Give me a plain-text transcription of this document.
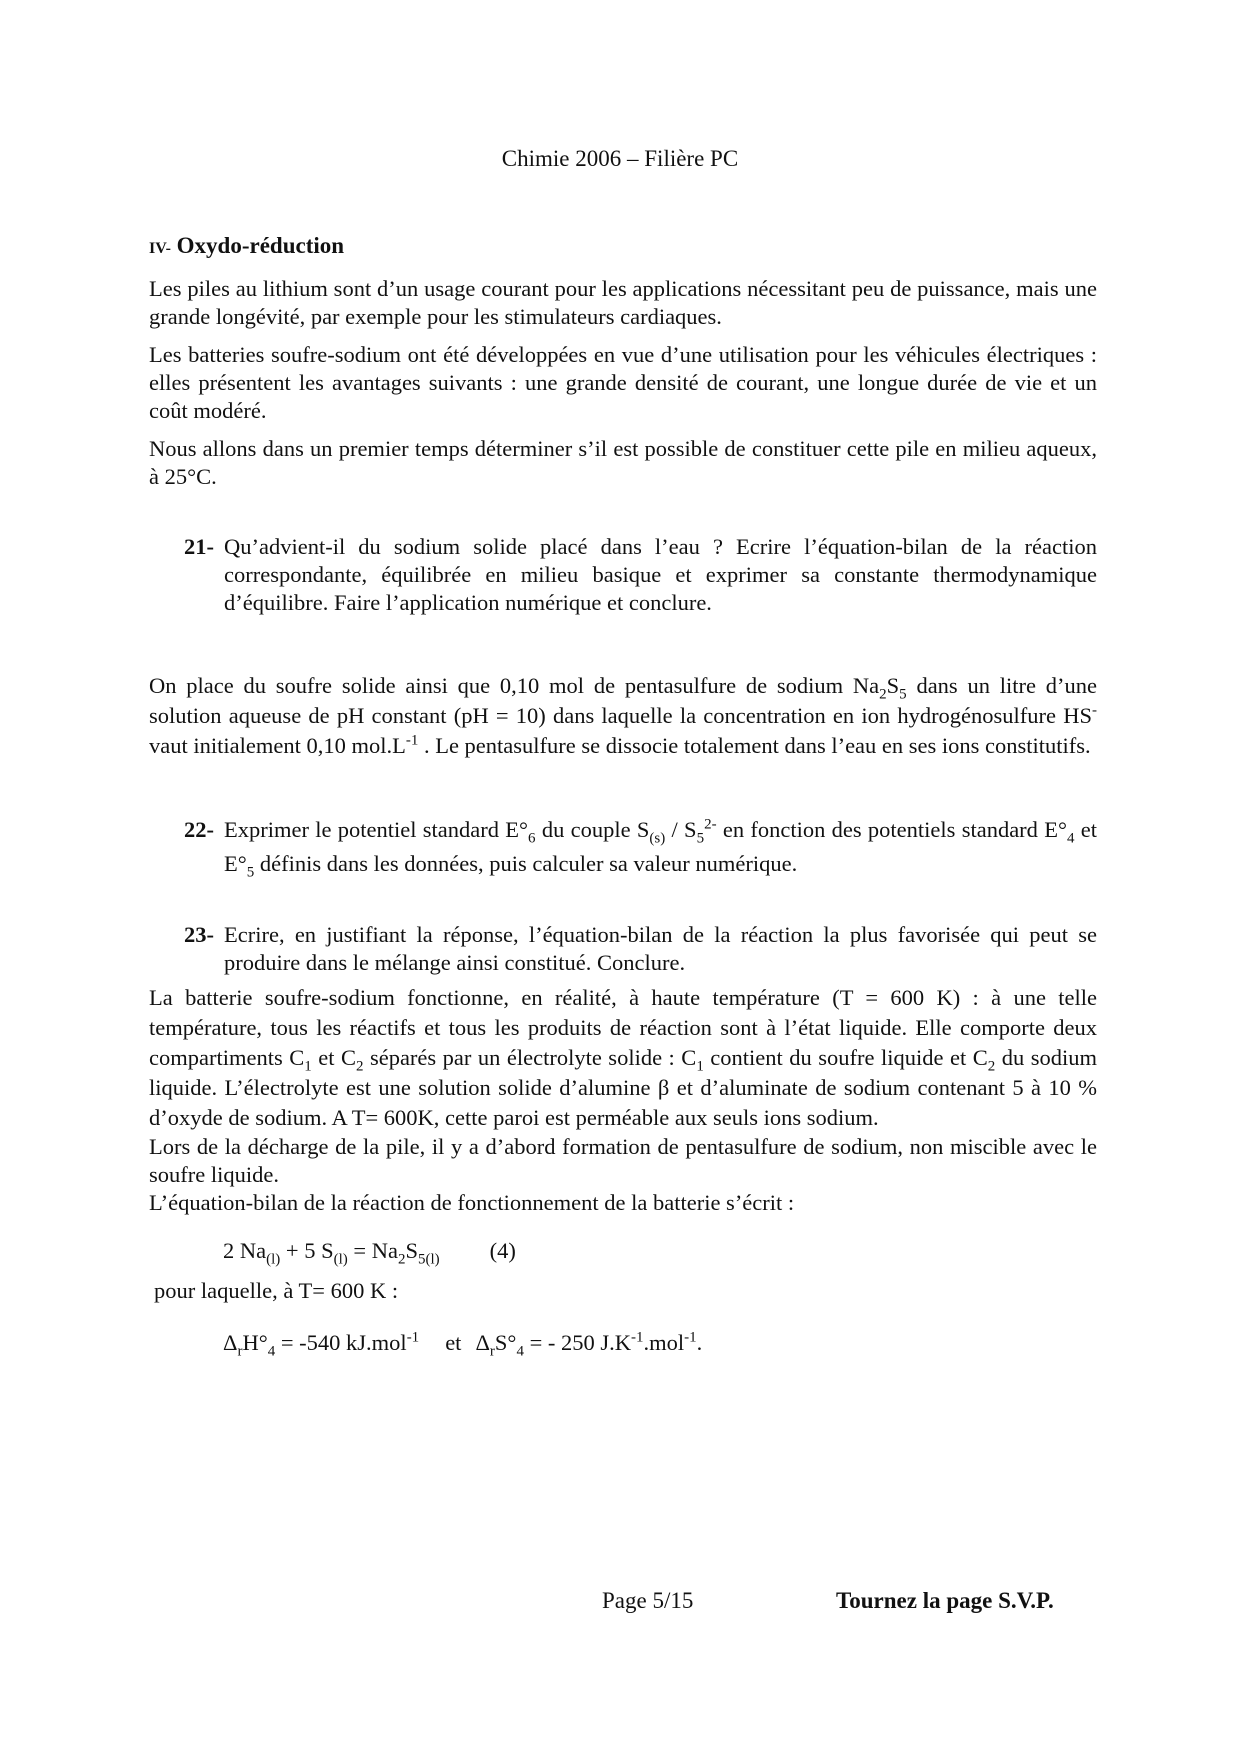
Chimie 2006 – Filière PC
IV- Oxydo-réduction

Les piles au lithium sont d’un usage courant pour les applications nécessitant peu de puissance, mais une grande longévité, par exemple pour les stimulateurs cardiaques.

Les batteries soufre-sodium ont été développées en vue d’une utilisation pour les véhicules électriques : elles présentent les avantages suivants : une grande densité de courant, une longue durée de vie et un coût modéré.

Nous allons dans un premier temps déterminer s’il est possible de constituer cette pile en milieu aqueux, à 25°C.

21- Qu’advient-il du sodium solide placé dans l’eau ? Ecrire l’équation-bilan de la réaction correspondante, équilibrée en milieu basique et exprimer sa constante thermodynamique d’équilibre. Faire l’application numérique et conclure.

On place du soufre solide ainsi que 0,10 mol de pentasulfure de sodium $Na_2S_5$ dans un litre d’une solution aqueuse de pH constant (pH = 10) dans laquelle la concentration en ion hydrogénosulfure HS- vaut initialement 0,10 $mol.L^{-1}$ . Le pentasulfure se dissocie totalement dans l’eau en ses ions constitutifs.

22- Exprimer le potentiel standard $E^\circ_6$ du couple $S_{(s)} / S_5^{2-}$ en fonction des potentiels standard $E^\circ_4$ et $E^\circ_5$ définis dans les données, puis calculer sa valeur numérique.
23- Ecrire, en justifiant la réponse, l’équation-bilan de la réaction la plus favorisée qui peut se produire dans le mélange ainsi constitué. Conclure.

La batterie soufre-sodium fonctionne, en réalité, à haute température (T = 600 K) : à une telle température, tous les réactifs et tous les produits de réaction sont à l’état liquide. Elle comporte deux compartiments $C_1$ et $C_2$ séparés par un électrolyte solide : $C_1$ contient du soufre liquide et $C_2$ du sodium liquide. L’électrolyte est une solution solide d’alumine β et d’aluminate de sodium contenant 5 à 10 % d’oxyde de sodium. A T= 600K, cette paroi est perméable aux seuls ions sodium.

Lors de la décharge de la pile, il y a d’abord formation de pentasulfure de sodium, non miscible avec le soufre liquide.

L’équation-bilan de la réaction de fonctionnement de la batterie s’écrit :

2 $Na_{(l)} + 5$ $S_{(l)} = Na_2S_{5(l)}$ (4)
pour laquelle, à T= 600 K :
$\Delta_rH^\circ_4 = -540$ kJ.mol$^{-1}$ et $\Delta_rS^\circ_4$ = - 250 $J.K^{-1}.mol^{-1}$.
Page 5/15	Tournez la page S.V.P.
